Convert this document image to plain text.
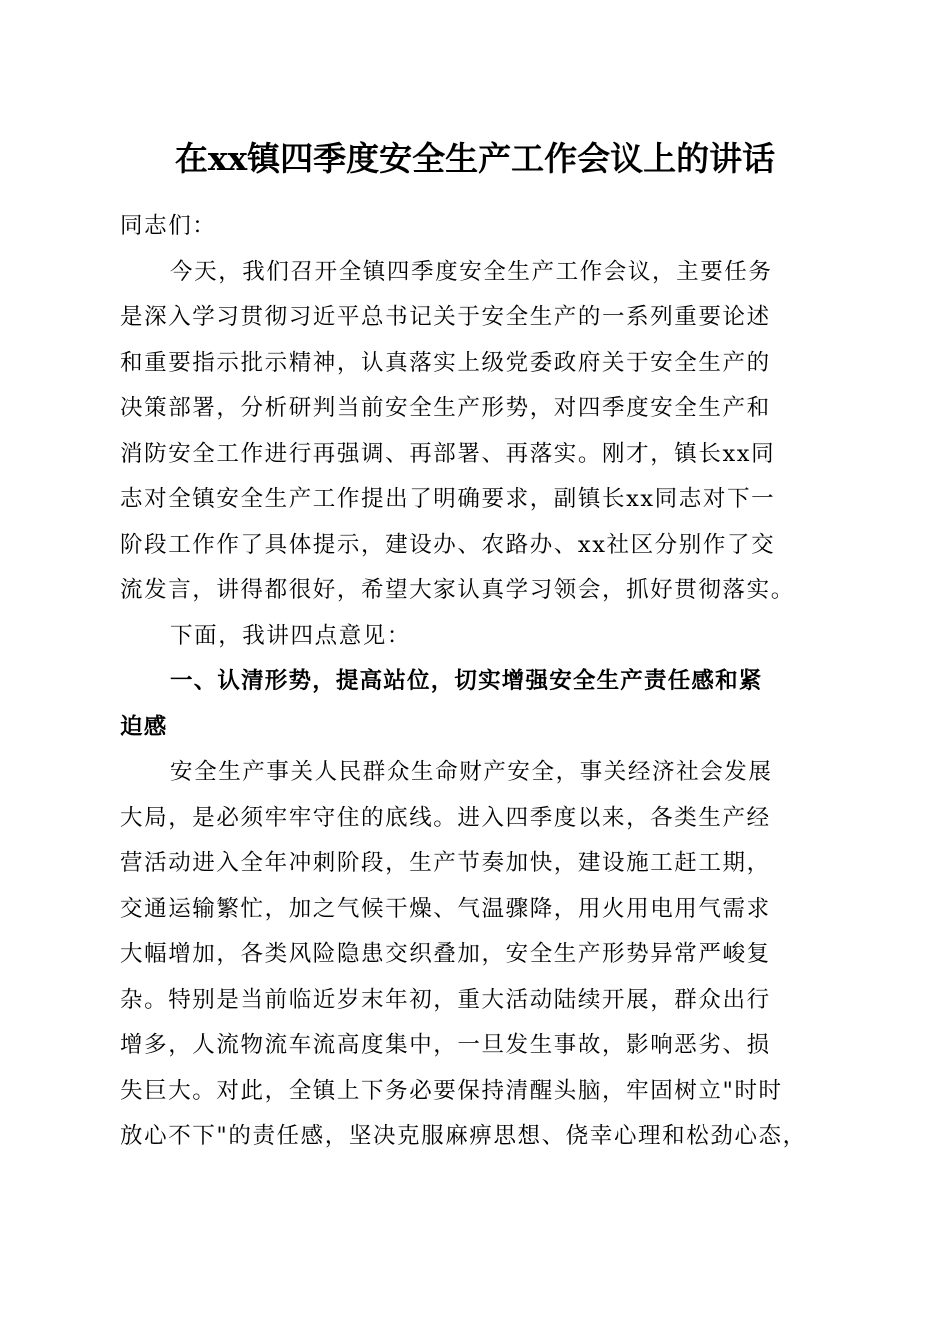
在xx镇四季度安全生产工作会议上的讲话
同志们：
今天，我们召开全镇四季度安全生产工作会议，主要任务
是深入学习贯彻习近平总书记关于安全生产的一系列重要论述
和重要指示批示精神，认真落实上级党委政府关于安全生产的
决策部署，分析研判当前安全生产形势，对四季度安全生产和
消防安全工作进行再强调、再部署、再落实。刚才，镇长xx同
志对全镇安全生产工作提出了明确要求，副镇长xx同志对下一
阶段工作作了具体提示，建设办、农路办、xx社区分别作了交
流发言，讲得都很好，希望大家认真学习领会，抓好贯彻落实。
下面，我讲四点意见：
一、认清形势，提高站位，切实增强安全生产责任感和紧
迫感
安全生产事关人民群众生命财产安全，事关经济社会发展
大局，是必须牢牢守住的底线。进入四季度以来，各类生产经
营活动进入全年冲刺阶段，生产节奏加快，建设施工赶工期，
交通运输繁忙，加之气候干燥、气温骤降，用火用电用气需求
大幅增加，各类风险隐患交织叠加，安全生产形势异常严峻复
杂。特别是当前临近岁末年初，重大活动陆续开展，群众出行
增多，人流物流车流高度集中，一旦发生事故，影响恶劣、损
失巨大。对此，全镇上下务必要保持清醒头脑，牢固树立"时时
放心不下"的责任感，坚决克服麻痹思想、侥幸心理和松劲心态，
